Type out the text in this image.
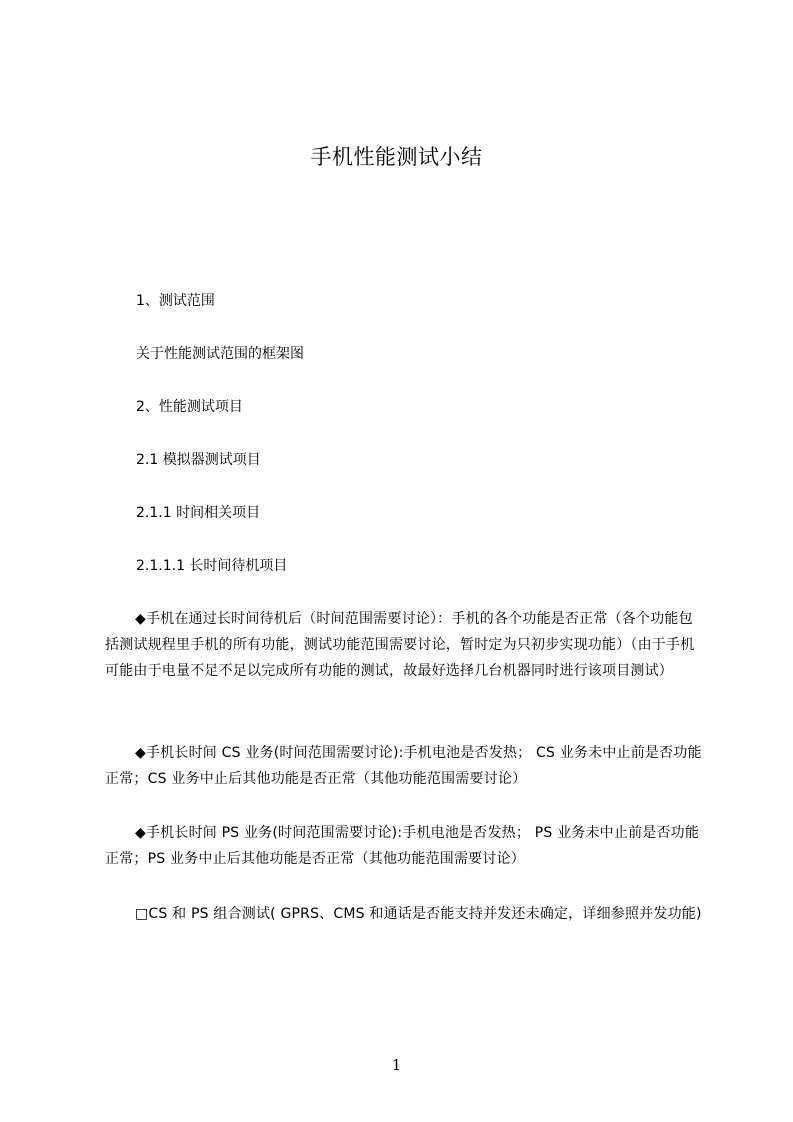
手机性能测试小结
1、测试范围
关于性能测试范围的框架图
2、性能测试项目
2.1 模拟器测试项目
2.1.1 时间相关项目
2.1.1.1 长时间待机项目
◆手机在通过长时间待机后（时间范围需要讨论）：手机的各个功能是否正常（各个功能包括测试规程里手机的所有功能，测试功能范围需要讨论，暂时定为只初步实现功能）（由于手机可能由于电量不足不足以完成所有功能的测试，故最好选择几台机器同时进行该项目测试）
◆手机长时间 CS 业务(时间范围需要讨论):手机电池是否发热； CS 业务未中止前是否功能正常；CS 业务中止后其他功能是否正常（其他功能范围需要讨论）
◆手机长时间 PS 业务(时间范围需要讨论):手机电池是否发热； PS 业务未中止前是否功能正常；PS 业务中止后其他功能是否正常（其他功能范围需要讨论）
□CS 和 PS 组合测试( GPRS、CMS 和通话是否能支持并发还未确定，详细参照并发功能)
1
